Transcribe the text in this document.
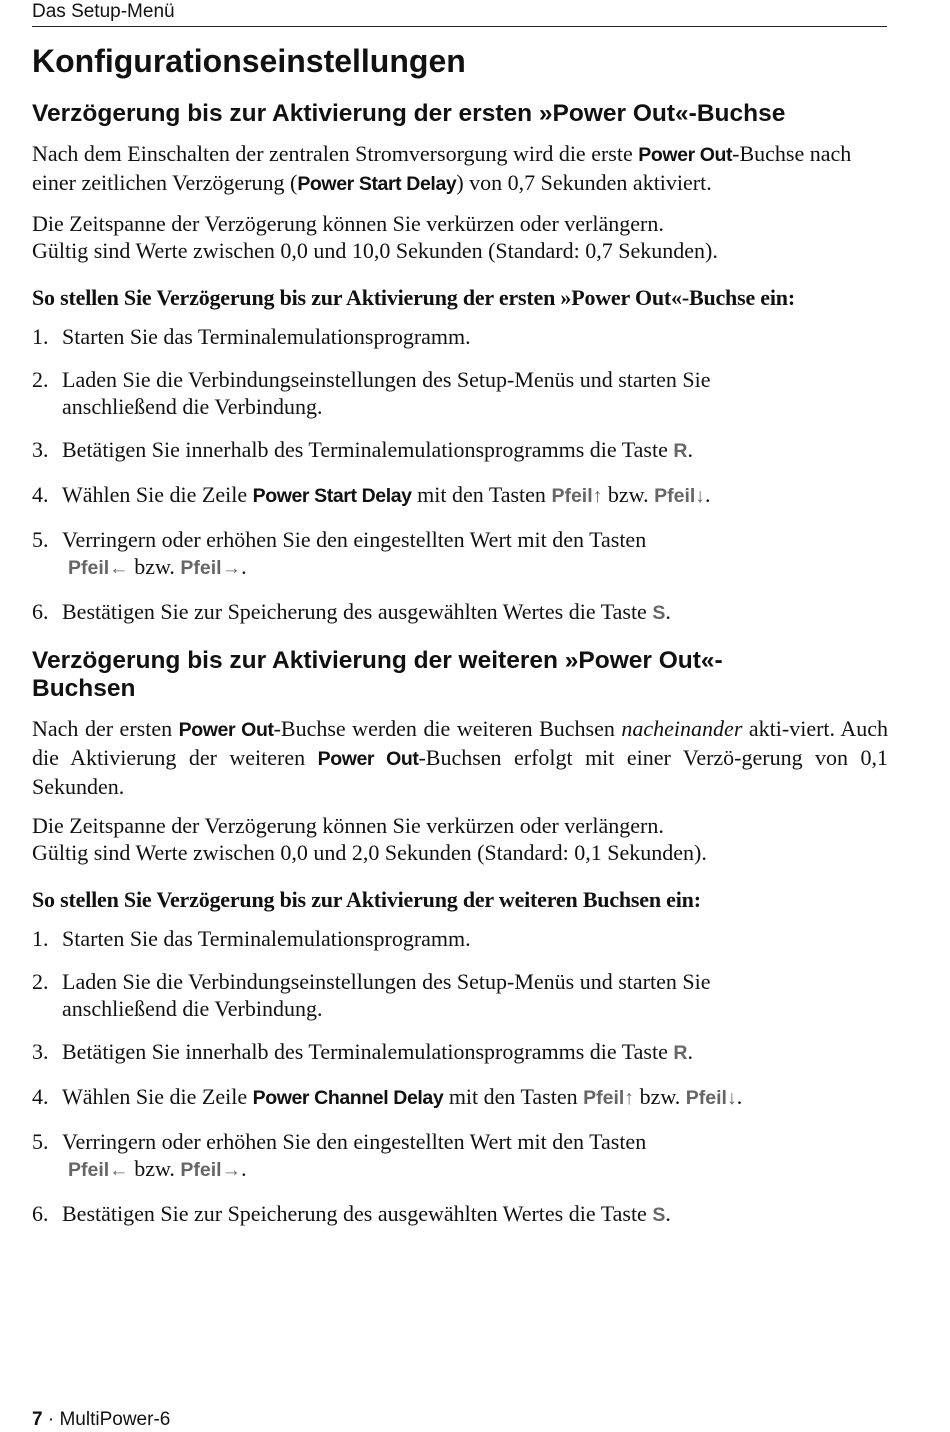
Das Setup-Menü
Konfigurationseinstellungen
Verzögerung bis zur Aktivierung der ersten »Power Out«-Buchse

Nach dem Einschalten der zentralen Stromversorgung wird die erste Power Out-Buchse nach einer zeitlichen Verzögerung (Power Start Delay) von 0,7 Sekunden aktiviert.

Die Zeitspanne der Verzögerung können Sie verkürzen oder verlängern.
Gültig sind Werte zwischen 0,0 und 10,0 Sekunden (Standard: 0,7 Sekunden).

So stellen Sie Verzögerung bis zur Aktivierung der ersten »Power Out«-Buchse ein:

1. Starten Sie das Terminalemulationsprogramm.
2. Laden Sie die Verbindungseinstellungen des Setup-Menüs und starten Sie
anschließend die Verbindung.
3. Betätigen Sie innerhalb des Terminalemulationsprogramms die Taste R.
4. Wählen Sie die Zeile Power Start Delay mit den Tasten Pfeil↑ bzw. Pfeil↓.
5. Verringern oder erhöhen Sie den eingestellten Wert mit den Tasten
Pfeil← bzw. Pfeil→.
6. Bestätigen Sie zur Speicherung des ausgewählten Wertes die Taste S.
Verzögerung bis zur Aktivierung der weiteren »Power Out«-
Buchsen

Nach der ersten Power Out-Buchse werden die weiteren Buchsen nacheinander akti-viert. Auch die Aktivierung der weiteren Power Out-Buchsen erfolgt mit einer Verzö-gerung von 0,1 Sekunden.

Die Zeitspanne der Verzögerung können Sie verkürzen oder verlängern.
Gültig sind Werte zwischen 0,0 und 2,0 Sekunden (Standard: 0,1 Sekunden).

So stellen Sie Verzögerung bis zur Aktivierung der weiteren Buchsen ein:

1. Starten Sie das Terminalemulationsprogramm.
2. Laden Sie die Verbindungseinstellungen des Setup-Menüs und starten Sie
anschließend die Verbindung.
3. Betätigen Sie innerhalb des Terminalemulationsprogramms die Taste R.
4. Wählen Sie die Zeile Power Channel Delay mit den Tasten Pfeil↑ bzw. Pfeil↓.
5. Verringern oder erhöhen Sie den eingestellten Wert mit den Tasten
Pfeil← bzw. Pfeil→.
6. Bestätigen Sie zur Speicherung des ausgewählten Wertes die Taste S.
7 · MultiPower-6
